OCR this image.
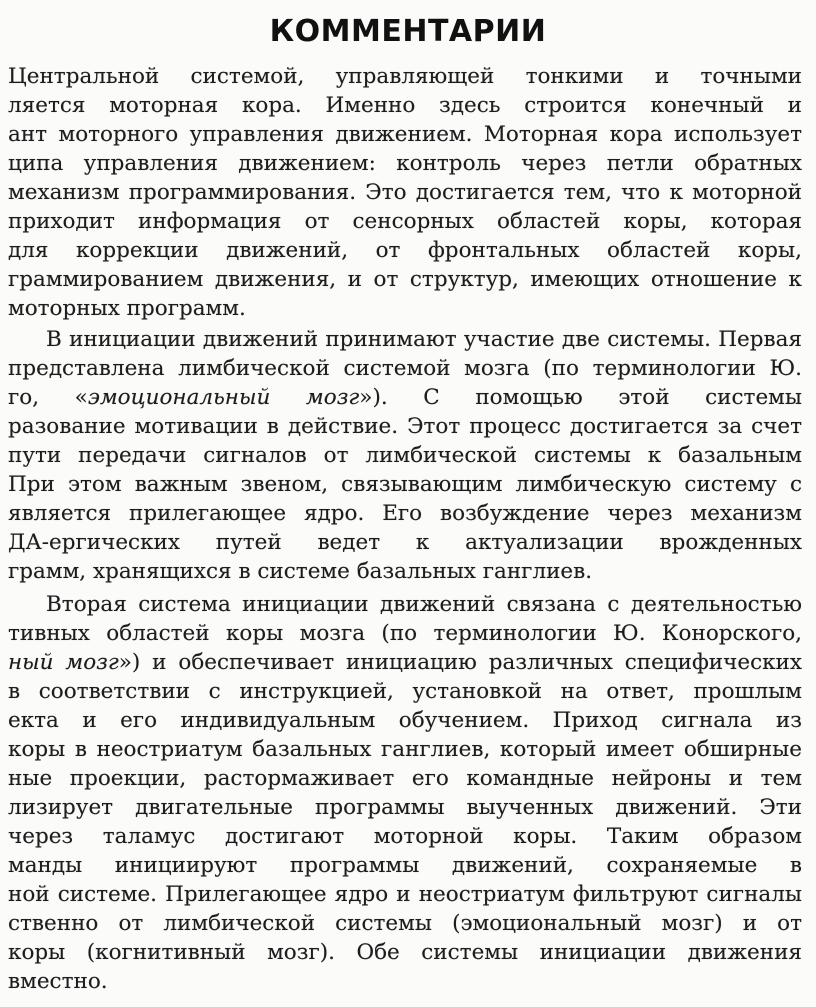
КОММЕНТАРИИ
Центральной системой, управляющей тонкими и точными
ляется моторная кора. Именно здесь строится конечный и
ант моторного управления движением. Моторная кора использует
ципа управления движением: контроль через петли обратных
механизм программирования. Это достигается тем, что к моторной
приходит информация от сенсорных областей коры, которая
для коррекции движений, от фронтальных областей коры,
граммированием движения, и от структур, имеющих отношение к
моторных программ.
В инициации движений принимают участие две системы. Первая
представлена лимбической системой мозга (по терминологии Ю.
го, «эмоциональный мозг»). С помощью этой системы
разование мотивации в действие. Этот процесс достигается за счет
пути передачи сигналов от лимбической системы к базальным
При этом важным звеном, связывающим лимбическую систему с
является прилегающее ядро. Его возбуждение через механизм
ДА-ергических путей ведет к актуализации врожденных
грамм, хранящихся в системе базальных ганглиев.
Вторая система инициации движений связана с деятельностью
тивных областей коры мозга (по терминологии Ю. Конорского,
ный мозг») и обеспечивает инициацию различных специфических
в соответствии с инструкцией, установкой на ответ, прошлым
екта и его индивидуальным обучением. Приход сигнала из
коры в неостриатум базальных ганглиев, который имеет обширные
ные проекции, растормаживает его командные нейроны и тем
лизирует двигательные программы выученных движений. Эти
через таламус достигают моторной коры. Таким образом
манды инициируют программы движений, сохраняемые в
ной системе. Прилегающее ядро и неостриатум фильтруют сигналы
ственно от лимбической системы (эмоциональный мозг) и от
коры (когнитивный мозг). Обе системы инициации движения
вместно.
